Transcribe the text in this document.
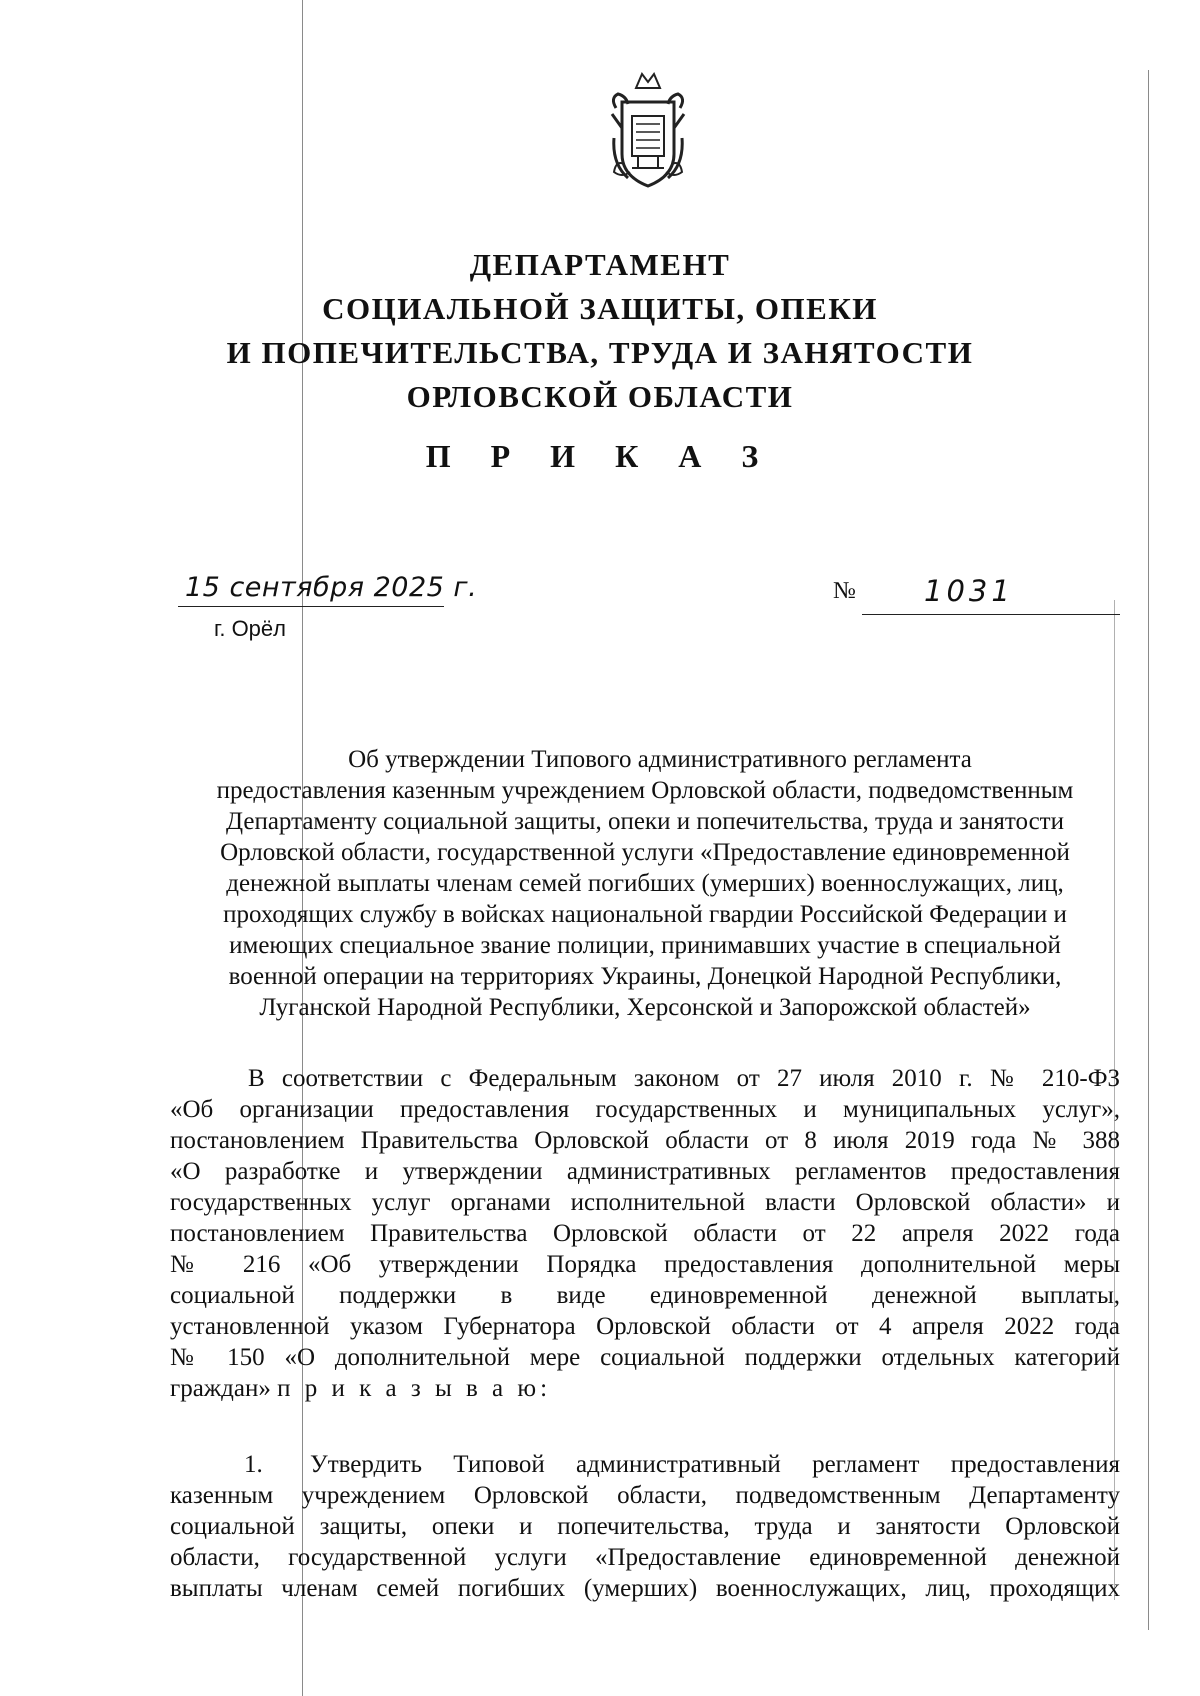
ДЕПАРТАМЕНТ
СОЦИАЛЬНОЙ ЗАЩИТЫ, ОПЕКИ
И ПОПЕЧИТЕЛЬСТВА, ТРУДА И ЗАНЯТОСТИ
ОРЛОВСКОЙ ОБЛАСТИ
П Р И К А З
15 сентября 2025 г.
г. Орёл
№ 1031
Об утверждении Типового административного регламента
предоставления казенным учреждением Орловской области, подведомственным
Департаменту социальной защиты, опеки и попечительства, труда и занятости
Орловской области, государственной услуги «Предоставление единовременной
денежной выплаты членам семей погибших (умерших) военнослужащих, лиц,
проходящих службу в войсках национальной гвардии Российской Федерации и
имеющих специальное звание полиции, принимавших участие в специальной
военной операции на территориях Украины, Донецкой Народной Республики,
Луганской Народной Республики, Херсонской и Запорожской областей»
В соответствии с Федеральным законом от 27 июля 2010 г. № 210-ФЗ
«Об организации предоставления государственных и муниципальных услуг»,
постановлением Правительства Орловской области от 8 июля 2019 года № 388
«О разработке и утверждении административных регламентов предоставления
государственных услуг органами исполнительной власти Орловской области» и
постановлением Правительства Орловской области от 22 апреля 2022 года
№ 216 «Об утверждении Порядка предоставления дополнительной меры
социальной поддержки в виде единовременной денежной выплаты,
установленной указом Губернатора Орловской области от 4 апреля 2022 года
№ 150 «О дополнительной мере социальной поддержки отдельных категорий
граждан» п р и к а з ы в а ю:
1. Утвердить Типовой административный регламент предоставления
казенным учреждением Орловской области, подведомственным Департаменту
социальной защиты, опеки и попечительства, труда и занятости Орловской
области, государственной услуги «Предоставление единовременной денежной
выплаты членам семей погибших (умерших) военнослужащих, лиц, проходящих
